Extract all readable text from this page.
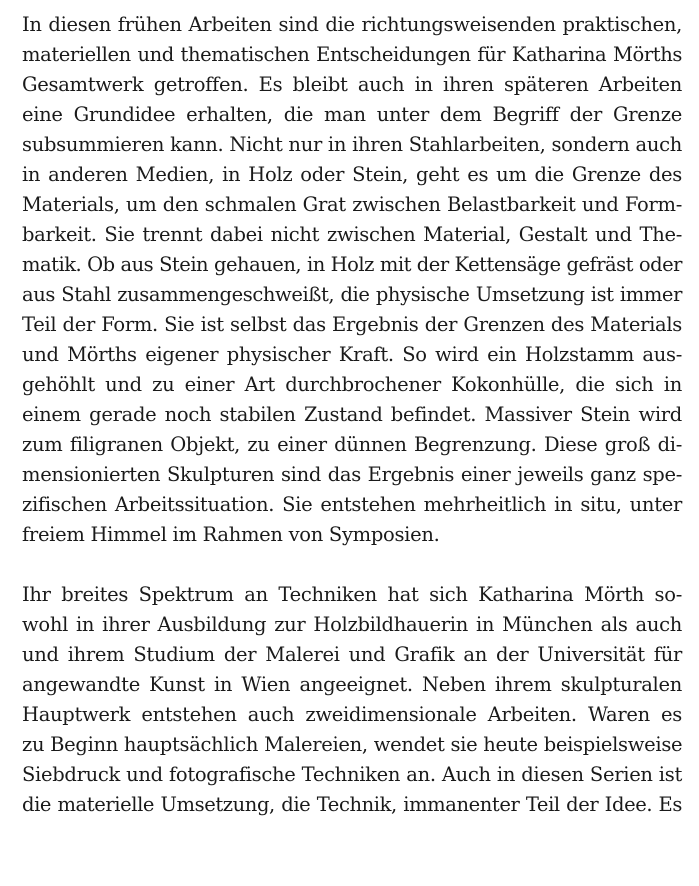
In diesen frühen Arbeiten sind die richtungsweisenden praktischen,
materiellen und thematischen Entscheidungen für Katharina Mörths
Gesamtwerk getroffen. Es bleibt auch in ihren späteren Arbeiten
eine Grundidee erhalten, die man unter dem Begriff der Grenze
subsummieren kann. Nicht nur in ihren Stahlarbeiten, sondern auch
in anderen Medien, in Holz oder Stein, geht es um die Grenze des
Materials, um den schmalen Grat zwischen Belastbarkeit und Form-
barkeit. Sie trennt dabei nicht zwischen Material, Gestalt und The-
matik. Ob aus Stein gehauen, in Holz mit der Kettensäge gefräst oder
aus Stahl zusammengeschweißt, die physische Umsetzung ist immer
Teil der Form. Sie ist selbst das Ergebnis der Grenzen des Materials
und Mörths eigener physischer Kraft. So wird ein Holzstamm aus-
gehöhlt und zu einer Art durchbrochener Kokonhülle, die sich in
einem gerade noch stabilen Zustand befindet. Massiver Stein wird
zum filigranen Objekt, zu einer dünnen Begrenzung. Diese groß di-
mensionierten Skulpturen sind das Ergebnis einer jeweils ganz spe-
zifischen Arbeitssituation. Sie entstehen mehrheitlich in situ, unter
freiem Himmel im Rahmen von Symposien.
Ihr breites Spektrum an Techniken hat sich Katharina Mörth so-
wohl in ihrer Ausbildung zur Holzbildhauerin in München als auch
und ihrem Studium der Malerei und Grafik an der Universität für
angewandte Kunst in Wien angeeignet. Neben ihrem skulpturalen
Hauptwerk entstehen auch zweidimensionale Arbeiten. Waren es
zu Beginn hauptsächlich Malereien, wendet sie heute beispielsweise
Siebdruck und fotografische Techniken an. Auch in diesen Serien ist
die materielle Umsetzung, die Technik, immanenter Teil der Idee. Es
